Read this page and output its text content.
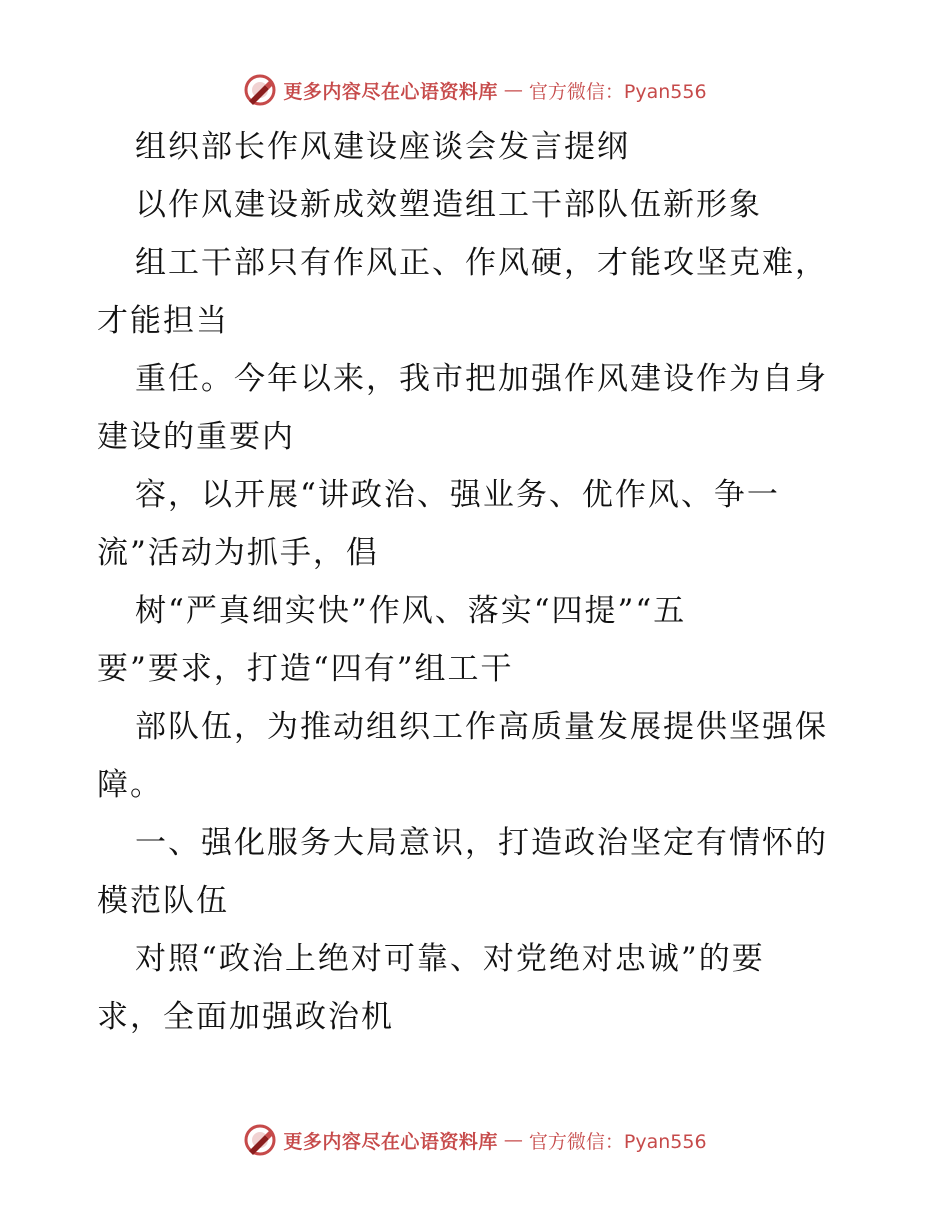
更多内容尽在心语资料库 — 官方微信：Pyan556
组织部长作风建设座谈会发言提纲
以作风建设新成效塑造组工干部队伍新形象
组工干部只有作风正、作风硬，才能攻坚克难，
才能担当
重任。今年以来，我市把加强作风建设作为自身
建设的重要内
容，以开展“讲政治、强业务、优作风、争一
流”活动为抓手，倡
树“严真细实快”作风、落实“四提”“五
要”要求，打造“四有”组工干
部队伍，为推动组织工作高质量发展提供坚强保
障。
一、强化服务大局意识，打造政治坚定有情怀的
模范队伍
对照“政治上绝对可靠、对党绝对忠诚”的要
求，全面加强政治机
更多内容尽在心语资料库 — 官方微信：Pyan556
